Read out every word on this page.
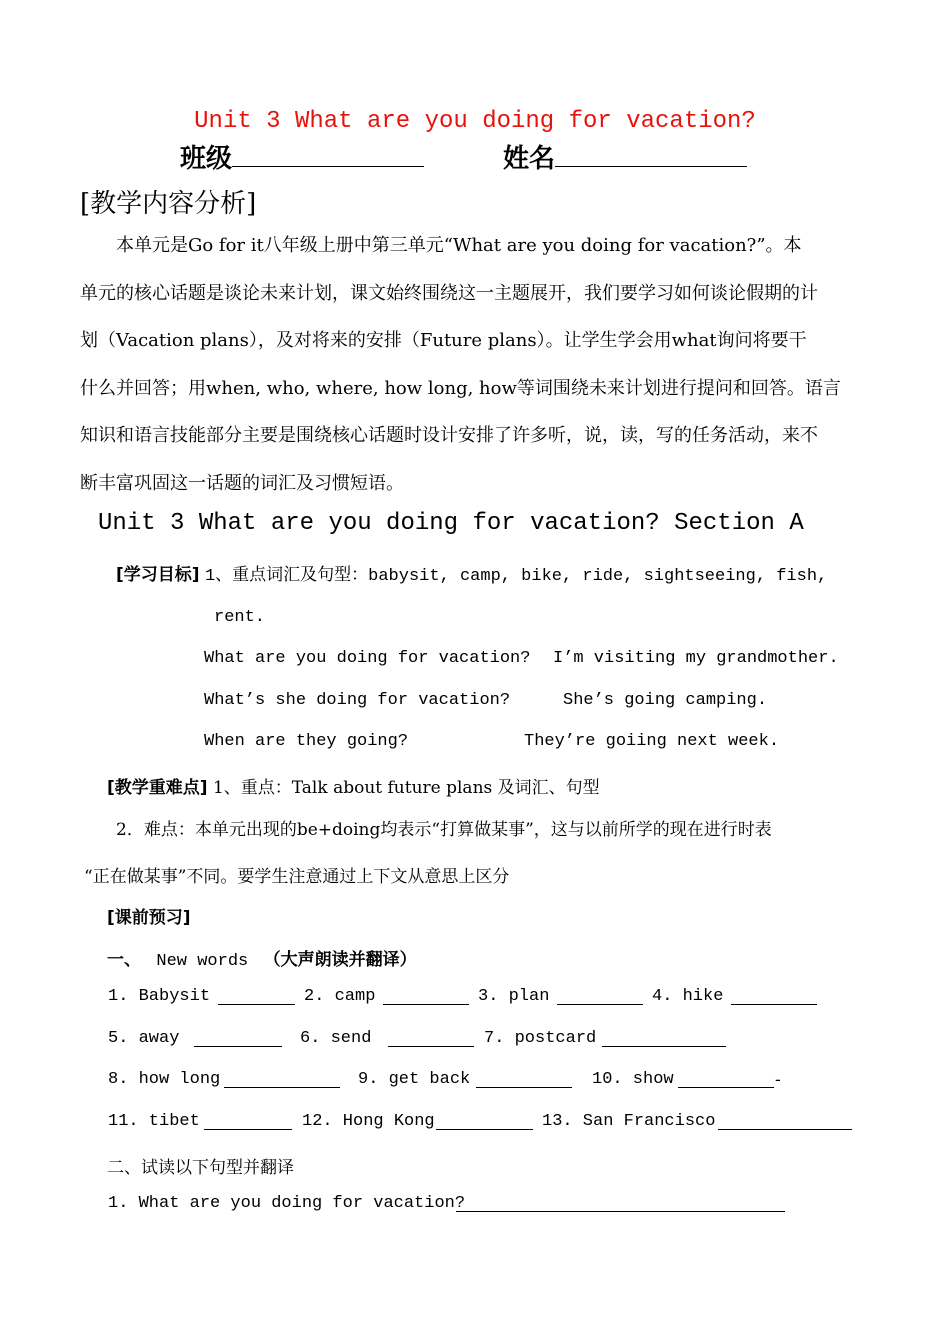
Unit 3 What are you doing for vacation?
班级	姓名
[教学内容分析]

本单元是Go for it八年级上册中第三单元“What are you doing for vacation?”。本

单元的核心话题是谈论未来计划，课文始终围绕这一主题展开，我们要学习如何谈论假期的计

划（Vacation plans），及对将来的安排（Future plans）。让学生学会用what询问将要干

什么并回答；用when, who, where, how long, how等词围绕未来计划进行提问和回答。语言

知识和语言技能部分主要是围绕核心话题时设计安排了许多听，说，读，写的任务活动，来不

断丰富巩固这一话题的词汇及习惯短语。

Unit 3 What are you doing for vacation? Section A
[学习目标] 1、重点词汇及句型：babysit, camp, bike, ride, sightseeing, fish,
rent.
What are you doing for vacation? I’m visiting my grandmother.
What’s she doing for vacation?	She’s going camping.
When are they going?	They’re goiing next week.
[教学重难点] 1、重点：Talk about future plans 及词汇、句型
2．难点：本单元出现的be+doing均表示“打算做某事”，这与以前所学的现在进行时表
“正在做某事”不同。要学生注意通过上下文从意思上区分
[课前预习]
一、 New words （大声朗读并翻译）
1. Babysit	2. camp	3. plan	4. hike
5. away	6. send	7. postcard
8. how long	9. get back	10. show	-
11. tibet	12. Hong Kong	13. San Francisco
二、试读以下句型并翻译
1. What are you doing for vacation?
